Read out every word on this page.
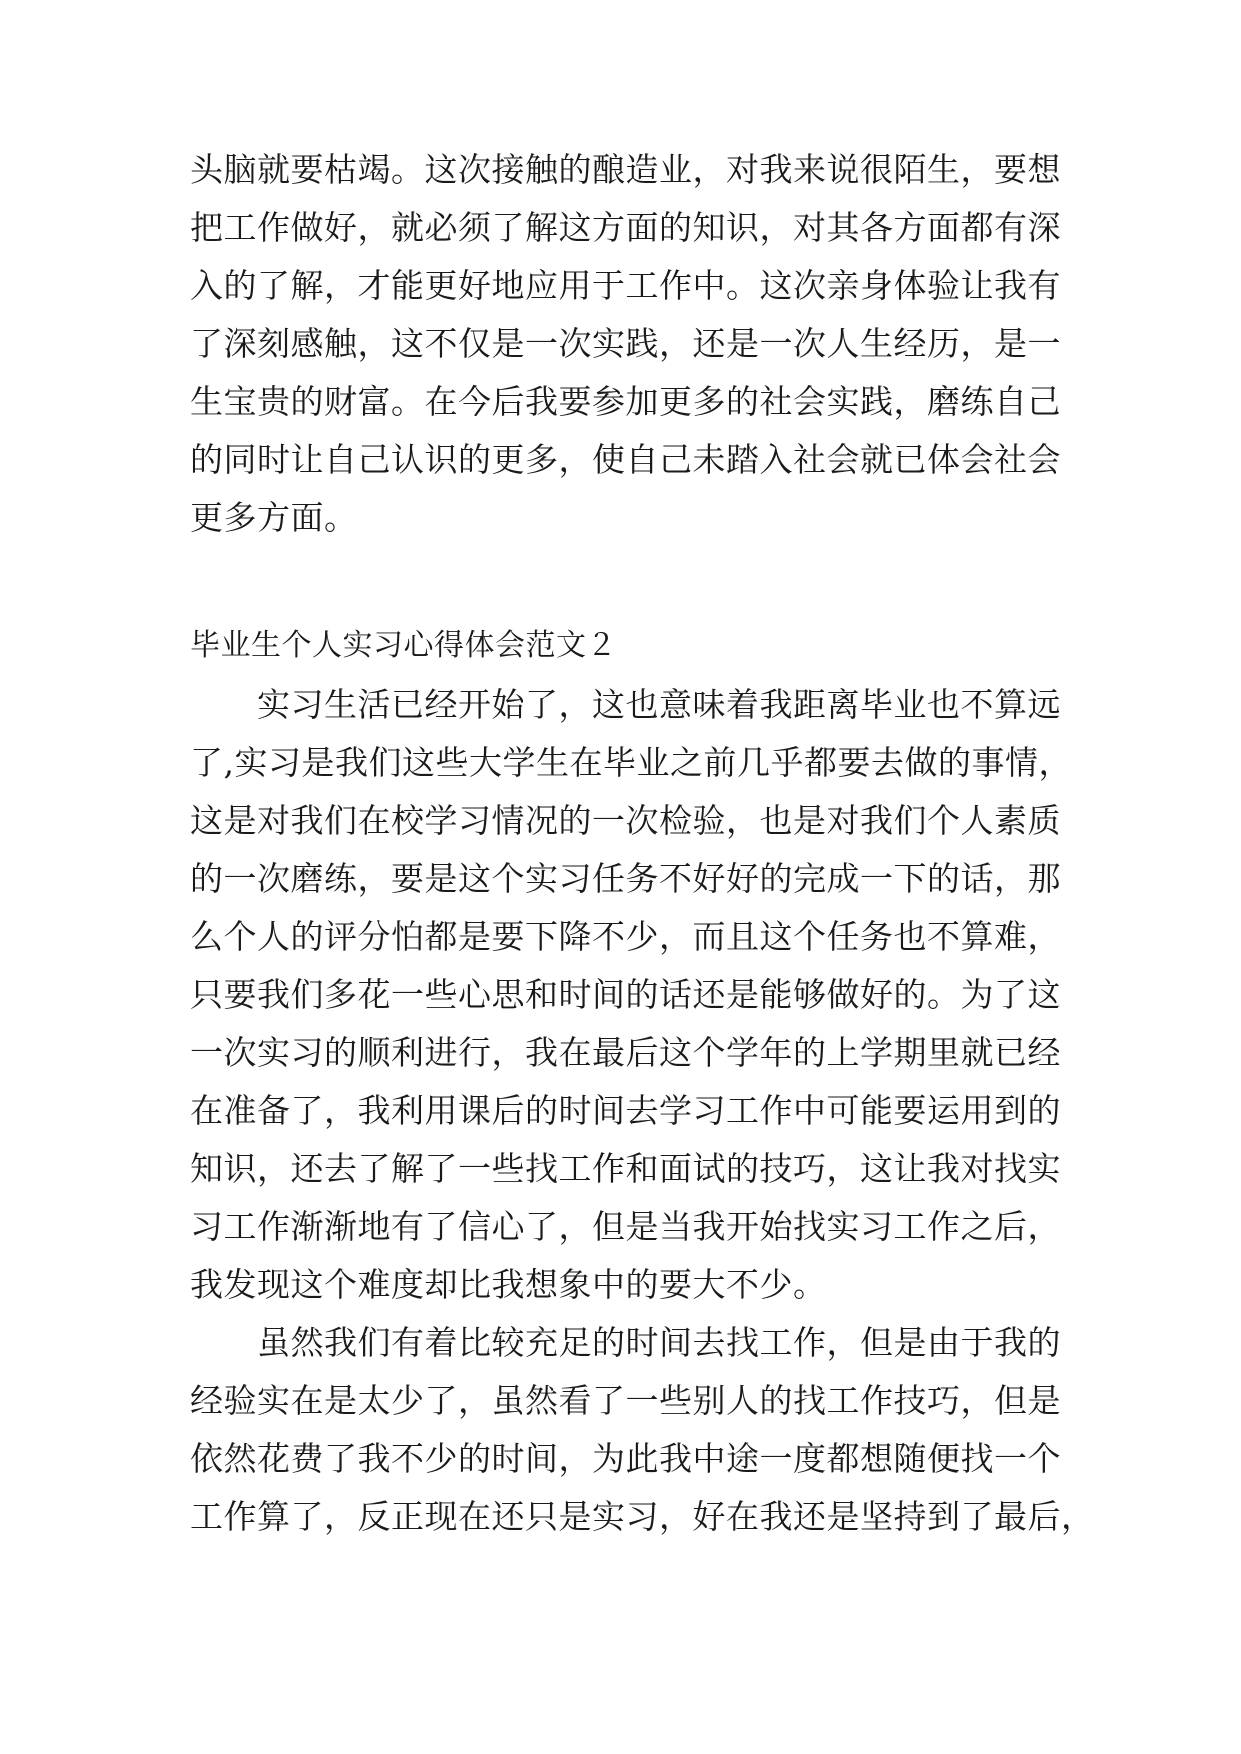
头脑就要枯竭。这次接触的酿造业，对我来说很陌生，要想
把工作做好，就必须了解这方面的知识，对其各方面都有深
入的了解，才能更好地应用于工作中。这次亲身体验让我有
了深刻感触，这不仅是一次实践，还是一次人生经历，是一
生宝贵的财富。在今后我要参加更多的社会实践，磨练自己
的同时让自己认识的更多，使自己未踏入社会就已体会社会
更多方面。
毕业生个人实习心得体会范文２
实习生活已经开始了，这也意味着我距离毕业也不算远
了,实习是我们这些大学生在毕业之前几乎都要去做的事情，
这是对我们在校学习情况的一次检验，也是对我们个人素质
的一次磨练，要是这个实习任务不好好的完成一下的话，那
么个人的评分怕都是要下降不少，而且这个任务也不算难，
只要我们多花一些心思和时间的话还是能够做好的。为了这
一次实习的顺利进行，我在最后这个学年的上学期里就已经
在准备了，我利用课后的时间去学习工作中可能要运用到的
知识，还去了解了一些找工作和面试的技巧，这让我对找实
习工作渐渐地有了信心了，但是当我开始找实习工作之后，
我发现这个难度却比我想象中的要大不少。
虽然我们有着比较充足的时间去找工作，但是由于我的
经验实在是太少了，虽然看了一些别人的找工作技巧，但是
依然花费了我不少的时间，为此我中途一度都想随便找一个
工作算了，反正现在还只是实习，好在我还是坚持到了最后，
